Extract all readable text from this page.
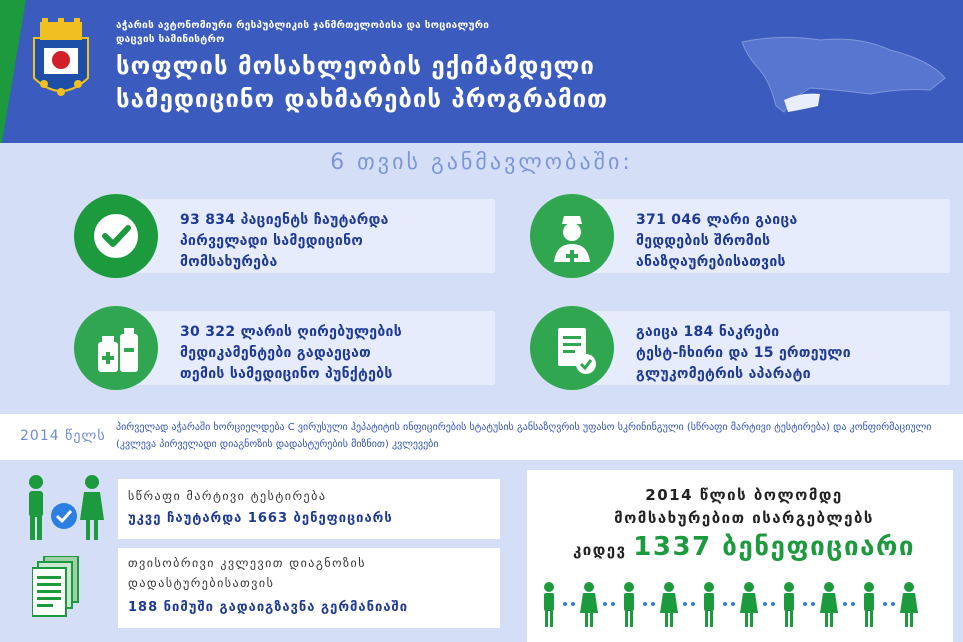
აჭარის ავტონომიური რესპუბლიკის ჯანმრთელობისა და სოციალური დაცვის სამინისტრო
სოფლის მოსახლეობის ექიმამდელი
სამედიცინო დახმარების პროგრამით
6 თვის განმავლობაში:
93 834 პაციენტს ჩაუტარდა
პირველადი სამედიცინო
მომსახურება
371 046 ლარი გაიცა
მედდების შრომის
ანაზღაურებისათვის
30 322 ლარის ღირებულების
მედიკამენტები გადაეცათ
თემის სამედიცინო პუნქტებს
გაიცა 184 ნაკრები
ტესტ-ჩხირი და 15 ერთეული
გლუკომეტრის აპარატი
2014 წელს
პირველად აჭარაში ხორციელდება C ვირუსული ჰეპატიტის ინფიცირების სტატუსის განსაზღვრის უფასო სკრინინგული (სწრაფი მარტივი ტესტირება) და კონფირმაციული (კვლევა პირველადი დიაგნოზის დადასტურების მიზნით) კვლევები
სწრაფი მარტივი ტესტირება
უკვე ჩაუტარდა 1663 ბენეფიციარს
თვისობრივი კვლევით დიაგნოზის
დადასტურებისათვის
188 ნიმუში გადაიგზავნა გერმანიაში
2014 წლის ბოლომდე
მომსახურებით ისარგებლებს
კიდევ 1337 ბენეფიციარი
